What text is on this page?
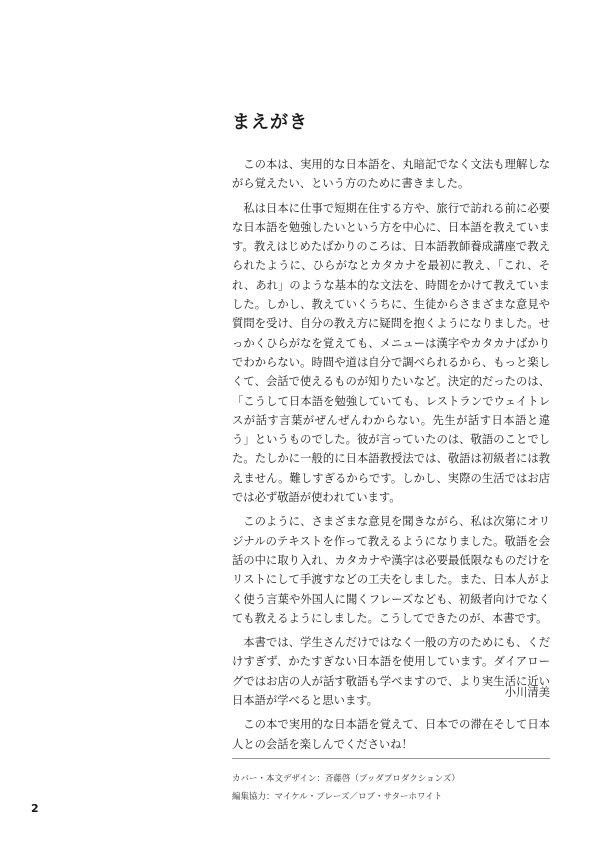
まえがき

この本は、実用的な日本語を、丸暗記でなく文法も理解しながら覚えたい、という方のために書きました。

私は日本に仕事で短期在住する方や、旅行で訪れる前に必要な日本語を勉強したいという方を中心に、日本語を教えています。教えはじめたばかりのころは、日本語教師養成講座で教えられたように、ひらがなとカタカナを最初に教え、「これ、それ、あれ」のような基本的な文法を、時間をかけて教えていました。しかし、教えていくうちに、生徒からさまざまな意見や質問を受け、自分の教え方に疑問を抱くようになりました。せっかくひらがなを覚えても、メニューは漢字やカタカナばかりでわからない。時間や道は自分で調べられるから、もっと楽しくて、会話で使えるものが知りたいなど。決定的だったのは、「こうして日本語を勉強していても、レストランでウェイトレスが話す言葉がぜんぜんわからない。先生が話す日本語と違う」というものでした。彼が言っていたのは、敬語のことでした。たしかに一般的に日本語教授法では、敬語は初級者には教えません。難しすぎるからです。しかし、実際の生活ではお店では必ず敬語が使われています。

このように、さまざまな意見を聞きながら、私は次第にオリジナルのテキストを作って教えるようになりました。敬語を会話の中に取り入れ、カタカナや漢字は必要最低限なものだけをリストにして手渡すなどの工夫をしました。また、日本人がよく使う言葉や外国人に聞くフレーズなども、初級者向けでなくても教えるようにしました。こうしてできたのが、本書です。

本書では、学生さんだけではなく一般の方のためにも、くだけすぎず、かたすぎない日本語を使用しています。ダイアローグではお店の人が話す敬語も学べますので、より実生活に近い日本語が学べると思います。

この本で実用的な日本語を覚えて、日本での滞在そして日本人との会話を楽しんでくださいね！

小川清美
カバー・本文デザイン：斉藤啓（ブッダプロダクションズ）
編集協力：マイケル・ブレーズ／ロブ・サターホワイト
2
